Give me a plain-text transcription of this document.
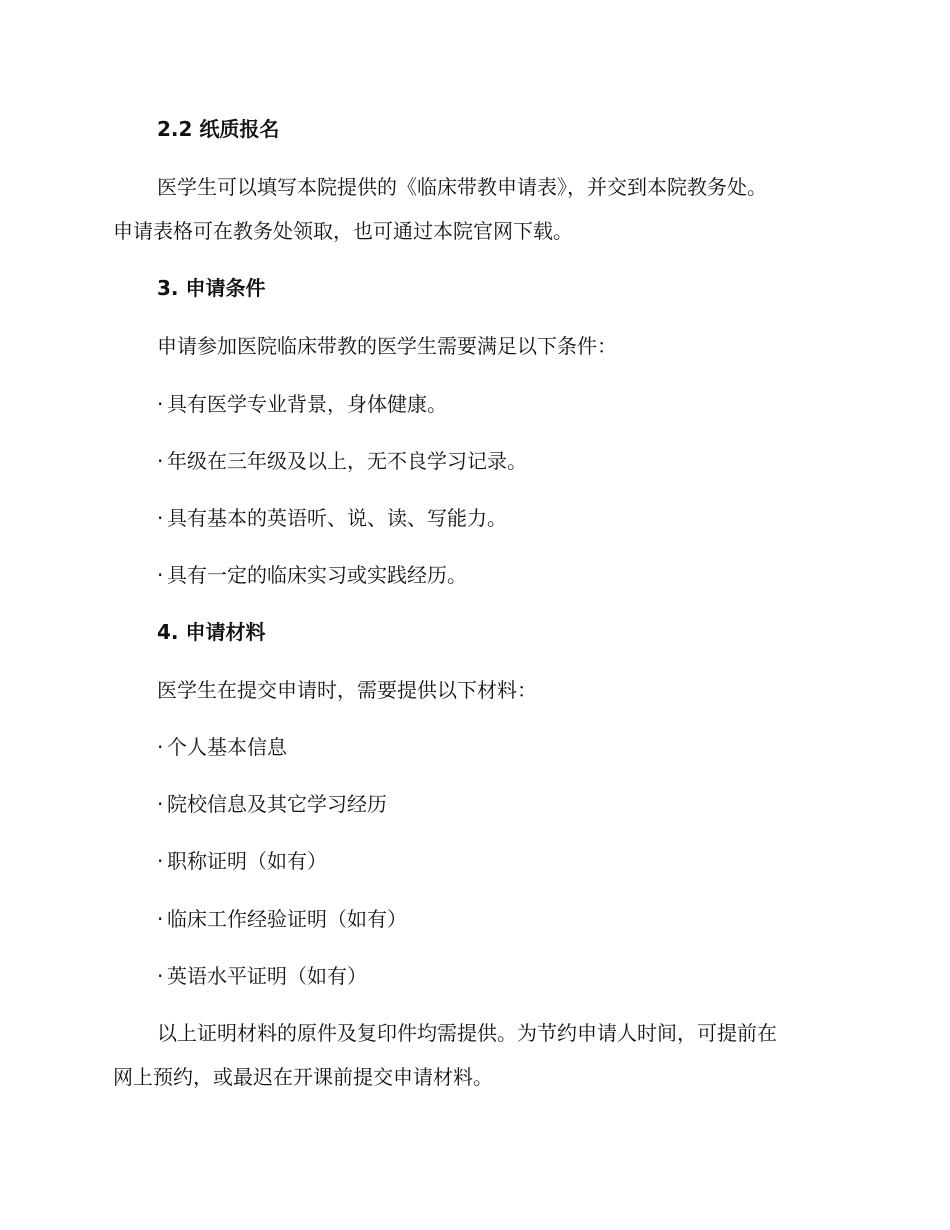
2.2 纸质报名
医学生可以填写本院提供的《临床带教申请表》，并交到本院教务处。
申请表格可在教务处领取，也可通过本院官网下载。
3. 申请条件
申请参加医院临床带教的医学生需要满足以下条件：
· 具有医学专业背景，身体健康。
· 年级在三年级及以上，无不良学习记录。
· 具有基本的英语听、说、读、写能力。
· 具有一定的临床实习或实践经历。
4. 申请材料
医学生在提交申请时，需要提供以下材料：
· 个人基本信息
· 院校信息及其它学习经历
· 职称证明（如有）
· 临床工作经验证明（如有）
· 英语水平证明（如有）
以上证明材料的原件及复印件均需提供。为节约申请人时间，可提前在
网上预约，或最迟在开课前提交申请材料。
